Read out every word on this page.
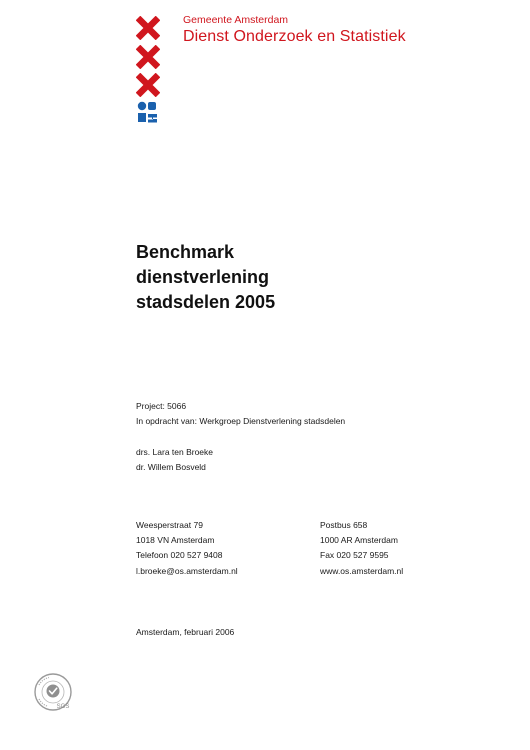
Gemeente Amsterdam
Dienst Onderzoek en Statistiek
Benchmark
dienstverlening
stadsdelen 2005
Project: 5066
In opdracht van: Werkgroep Dienstverlening stadsdelen
drs. Lara ten Broeke
dr. Willem Bosveld
Weesperstraat 79
1018 VN Amsterdam
Telefoon 020 527 9408
l.broeke@os.amsterdam.nl
Postbus 658
1000 AR Amsterdam
Fax 020 527 9595
www.os.amsterdam.nl
Amsterdam, februari 2006
SGS
